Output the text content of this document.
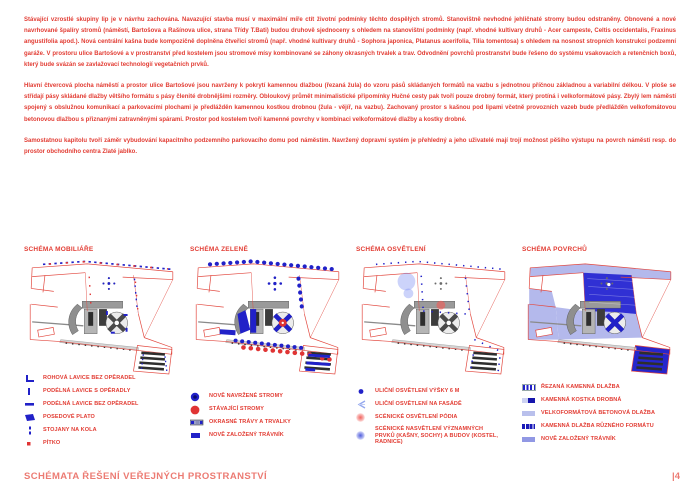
Stávající vzrostlé skupiny lip je v návrhu zachována. Navazující stavba musí v maximální míře ctít životní podmínky těchto dospělých stromů. Stanovištně nevhodné jehličnaté stromy budou odstraněny. Obnovené a nové navrhované špalíry stromů (náměstí, Bartošova a Rašínova ulice, strana Třídy T.Bati) budou druhově sjednoceny s ohledem na stanovištní podmínky (např. vhodné kultivary druhů - Acer campeste, Celtis occidentalis, Fraxinus angustifolia apod.). Nová centrální kašna bude kompozičně doplněna čtveřicí stromů (např. vhodné kultivary druhů - Sophora japonica, Platanus acerifolia, Tilia tomentosa) s ohledem na nosnost stropních konstrukcí podzemní garáže. V prostoru ulice Bartošové a v prostranství před kostelem jsou stromové mísy kombinované se záhony okrasných trvalek a trav. Odvodnění povrchů prostranství bude řešeno do systému vsakovacích a retenčních boxů, který bude svázán se zavlažovací technologií vegetačních prvků.

Hlavní čtvercová plocha náměstí a prostor ulice Bartošové jsou navrženy k pokrytí kamennou dlažbou (řezaná žula) do vzoru pásů skládaných formátů na vazbu s jednotnou příčnou základnou a variabilní délkou. V ploše se střídají pásy skládané dlažby většího formátu s pásy členité drobnějšími rozměry. Obloukový průmět minimalistické připomínky Hučné cesty pak tvoří pouze drobný formát, který protíná i velkoformátové pásy. Zbylý lem náměstí spojený s obslužnou komunikací a parkovacími plochami je předlážděn kamennou kostkou drobnou (žula - vějíř, na vazbu). Zachovaný prostor s kašnou pod lipami včetně provozních vazeb bude předlážděn velkofomátovou betonovou dlažbou s přiznanými zatravněnými spárami. Prostor pod kostelem tvoří kamenné povrchy v kombinaci velkoformátové dlažby a kostky drobné.

Samostatnou kapitolu tvoří záměr vybudování kapacitního podzemního parkovacího domu pod náměstím. Navržený dopravní systém je přehledný a jeho uživatelé mají trojí možnost pěšího výstupu na povrch náměstí resp. do prostor obchodního centra Zlaté jablko.

SCHÉMA MOBILIÁŘE	SCHÉMA ZELENĚ	SCHÉMA OSVĚTLENÍ	SCHÉMA POVRCHŮ
ROHOVÁ LAVICE BEZ OPĚRADEL
PODÉLNÁ LAVICE S OPĚRADLY
PODÉLNÁ LAVICE BEZ OPĚRADEL
POSEDOVÉ PLATO
STOJANY NA KOLA
PÍTKO
NOVĚ NAVRŽENÉ STROMY
STÁVAJÍCÍ STROMY
OKRASNÉ TRÁVY A TRVALKY
NOVĚ ZALOŽENÝ TRÁVNÍK
ULIČNÍ OSVĚTLENÍ VÝŠKY 6 M
ULIČNÍ OSVĚTLENÍ NA FASÁDĚ
SCÉNICKÉ OSVĚTLENÍ PÓDIA
SCÉNICKÉ NASVĚTLENÍ VÝZNAMNÝCH PRVKŮ (KAŠNY, SOCHY) A BUDOV (KOSTEL, RADNICE)
ŘEZANÁ KAMENNÁ DLAŽBA
KAMENNÁ KOSTKA DROBNÁ
VELKOFORMÁTOVÁ BETONOVÁ DLAŽBA
KAMENNÁ DLAŽBA RŮZNÉHO FORMÁTU
NOVĚ ZALOŽENÝ TRÁVNÍK
SCHÉMATA ŘEŠENÍ VEŘEJNÝCH PROSTRANSTVÍ	|4
